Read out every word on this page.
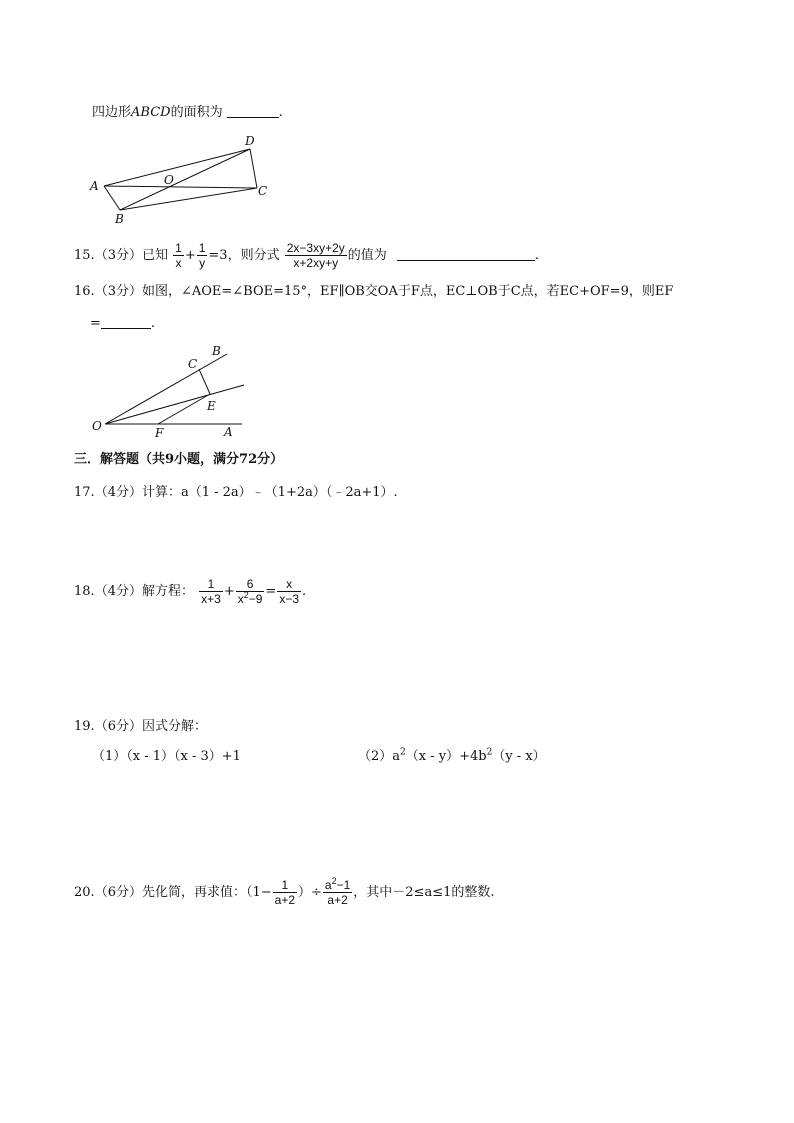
四边形ABCD的面积为	.
A
B
C
D
O
15.（3分）已知 $\frac{1}{x} + \frac{1}{y} =3$，则分式 $\frac{2x-3xy+2y}{x+2xy+y}$ 的值为	.
16.（3分）如图，∠AOE=∠BOE=15°，EF∥OB交OA于F点，EC⊥OB于C点，若EC+OF=9，则EF
=	.
O	A
B
C
E
F
三．解答题（共9小题，满分72分）
17.（4分）计算：a（1 - 2a）﹣（1+2a）（﹣2a+1）.
18.（4分）解方程： $\frac{1}{x+3} + \frac{6}{x^2-9} = \frac{x}{x-3}$ .
19.（6分）因式分解：
（1）（x - 1）（x - 3）+1	$(2)a^2(x - y)+4b^2(y - x)$
20.（6分）先化简，再求值：（$1- \frac{1}{a+2}$ ）÷ $\frac{a^2-1}{a+2}$ ，其中－2≤a≤1的整数.
